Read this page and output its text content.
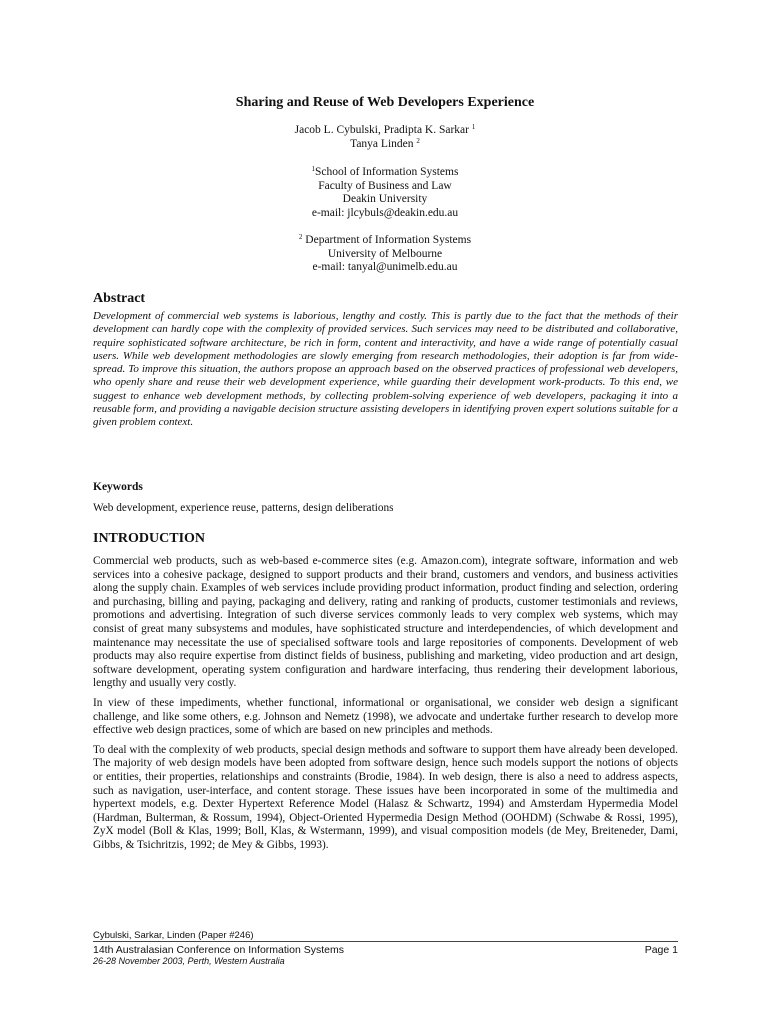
Sharing and Reuse of Web Developers Experience
Jacob L. Cybulski, Pradipta K. Sarkar $^1$
Tanya Linden $^2$
$^1$School of Information Systems
Faculty of Business and Law
Deakin University
e-mail: jlcybuls@deakin.edu.au
$^2$ Department of Information Systems
University of Melbourne
e-mail: tanyal@unimelb.edu.au
Abstract
Development of commercial web systems is laborious, lengthy and costly. This is partly due to the fact that the methods of their development can hardly cope with the complexity of provided services. Such services may need to be distributed and collaborative, require sophisticated software architecture, be rich in form, content and interactivity, and have a wide range of potentially casual users. While web development methodologies are slowly emerging from research methodologies, their adoption is far from wide-spread. To improve this situation, the authors propose an approach based on the observed practices of professional web developers, who openly share and reuse their web development experience, while guarding their development work-products. To this end, we suggest to enhance web development methods, by collecting problem-solving experience of web developers, packaging it into a reusable form, and providing a navigable decision structure assisting developers in identifying proven expert solutions suitable for a given problem context.
Keywords
Web development, experience reuse, patterns, design deliberations
INTRODUCTION

Commercial web products, such as web-based e-commerce sites (e.g. Amazon.com), integrate software, information and web services into a cohesive package, designed to support products and their brand, customers and vendors, and business activities along the supply chain. Examples of web services include providing product information, product finding and selection, ordering and purchasing, billing and paying, packaging and delivery, rating and ranking of products, customer testimonials and reviews, promotions and advertising. Integration of such diverse services commonly leads to very complex web systems, which may consist of great many subsystems and modules, have sophisticated structure and interdependencies, of which development and maintenance may necessitate the use of specialised software tools and large repositories of components. Development of web products may also require expertise from distinct fields of business, publishing and marketing, video production and art design, software development, operating system configuration and hardware interfacing, thus rendering their development laborious, lengthy and usually very costly.

In view of these impediments, whether functional, informational or organisational, we consider web design a significant challenge, and like some others, e.g. Johnson and Nemetz (1998), we advocate and undertake further research to develop more effective web design practices, some of which are based on new principles and methods.

To deal with the complexity of web products, special design methods and software to support them have already been developed. The majority of web design models have been adopted from software design, hence such models support the notions of objects or entities, their properties, relationships and constraints (Brodie, 1984). In web design, there is also a need to address aspects, such as navigation, user-interface, and content storage. These issues have been incorporated in some of the multimedia and hypertext models, e.g. Dexter Hypertext Reference Model (Halasz & Schwartz, 1994) and Amsterdam Hypermedia Model (Hardman, Bulterman, & Rossum, 1994), Object-Oriented Hypermedia Design Method (OOHDM) (Schwabe & Rossi, 1995), ZyX model (Boll & Klas, 1999; Boll, Klas, & Wstermann, 1999), and visual composition models (de Mey, Breiteneder, Dami, Gibbs, & Tsichritzis, 1992; de Mey & Gibbs, 1993).

Cybulski, Sarkar, Linden (Paper #246)
14th Australasian Conference on Information Systems	Page 1
26-28 November 2003, Perth, Western Australia
